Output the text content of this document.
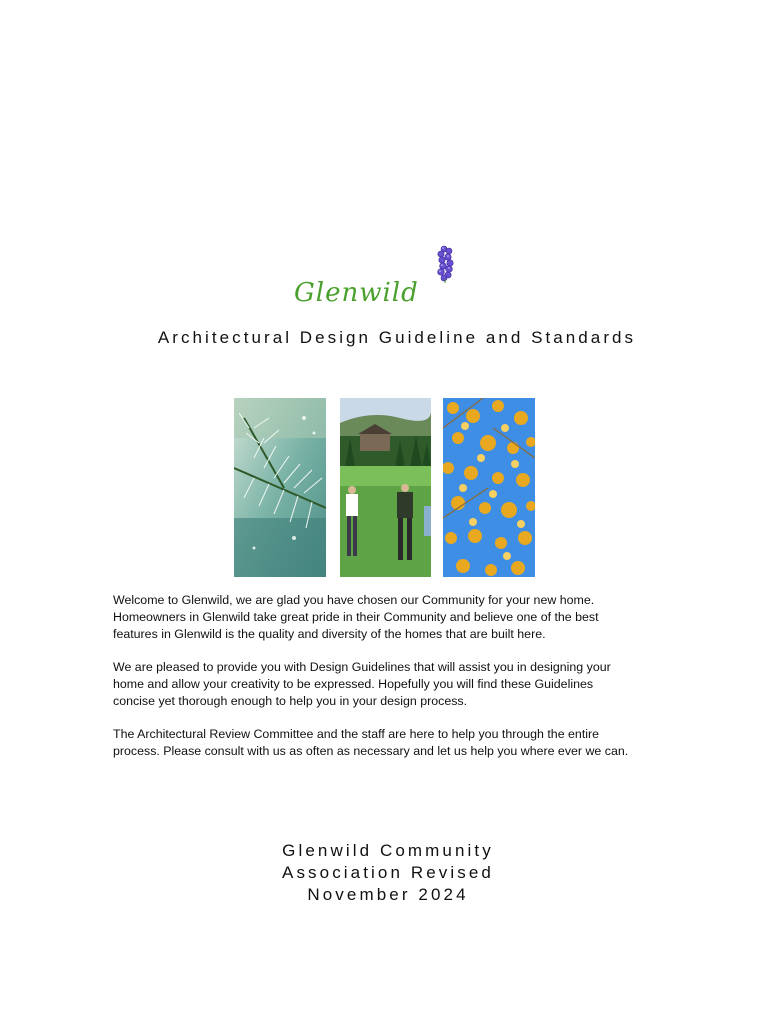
Glenwild
Architectural Design Guideline and Standards

Welcome to Glenwild, we are glad you have chosen our Community for your new home. Homeowners in Glenwild take great pride in their Community and believe one of the best features in Glenwild is the quality and diversity of the homes that are built here.

We are pleased to provide you with Design Guidelines that will assist you in designing your home and allow your creativity to be expressed. Hopefully you will find these Guidelines concise yet thorough enough to help you in your design process.

The Architectural Review Committee and the staff are here to help you through the entire process. Please consult with us as often as necessary and let us help you where ever we can.

Glenwild Community
Association Revised
November 2024
